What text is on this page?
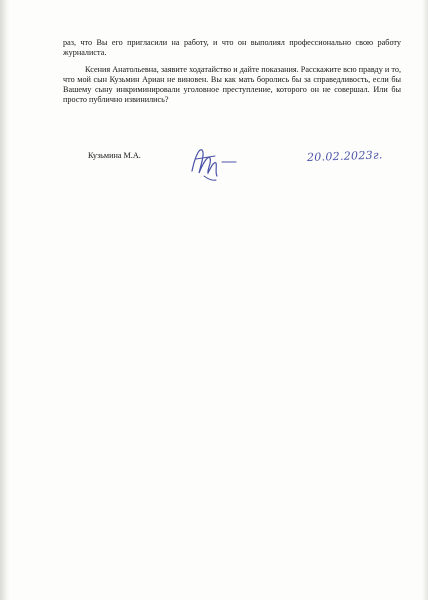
раз, что Вы его пригласили на работу, и что он выполиял профессионально свою работу журналиста.

Ксения Анатольевна, заявите ходатайство и дайте показания. Расскажите всю правду и то, что мой сын Кузьмин Ариан не виновен. Вы как мать боролись бы за справедливость, если бы Вашему сыну инкриминировали уголовное преступление, которого он не совершал. Или бы просто публично извинились?

Кузьмина М.А.	20.02.2023г.
